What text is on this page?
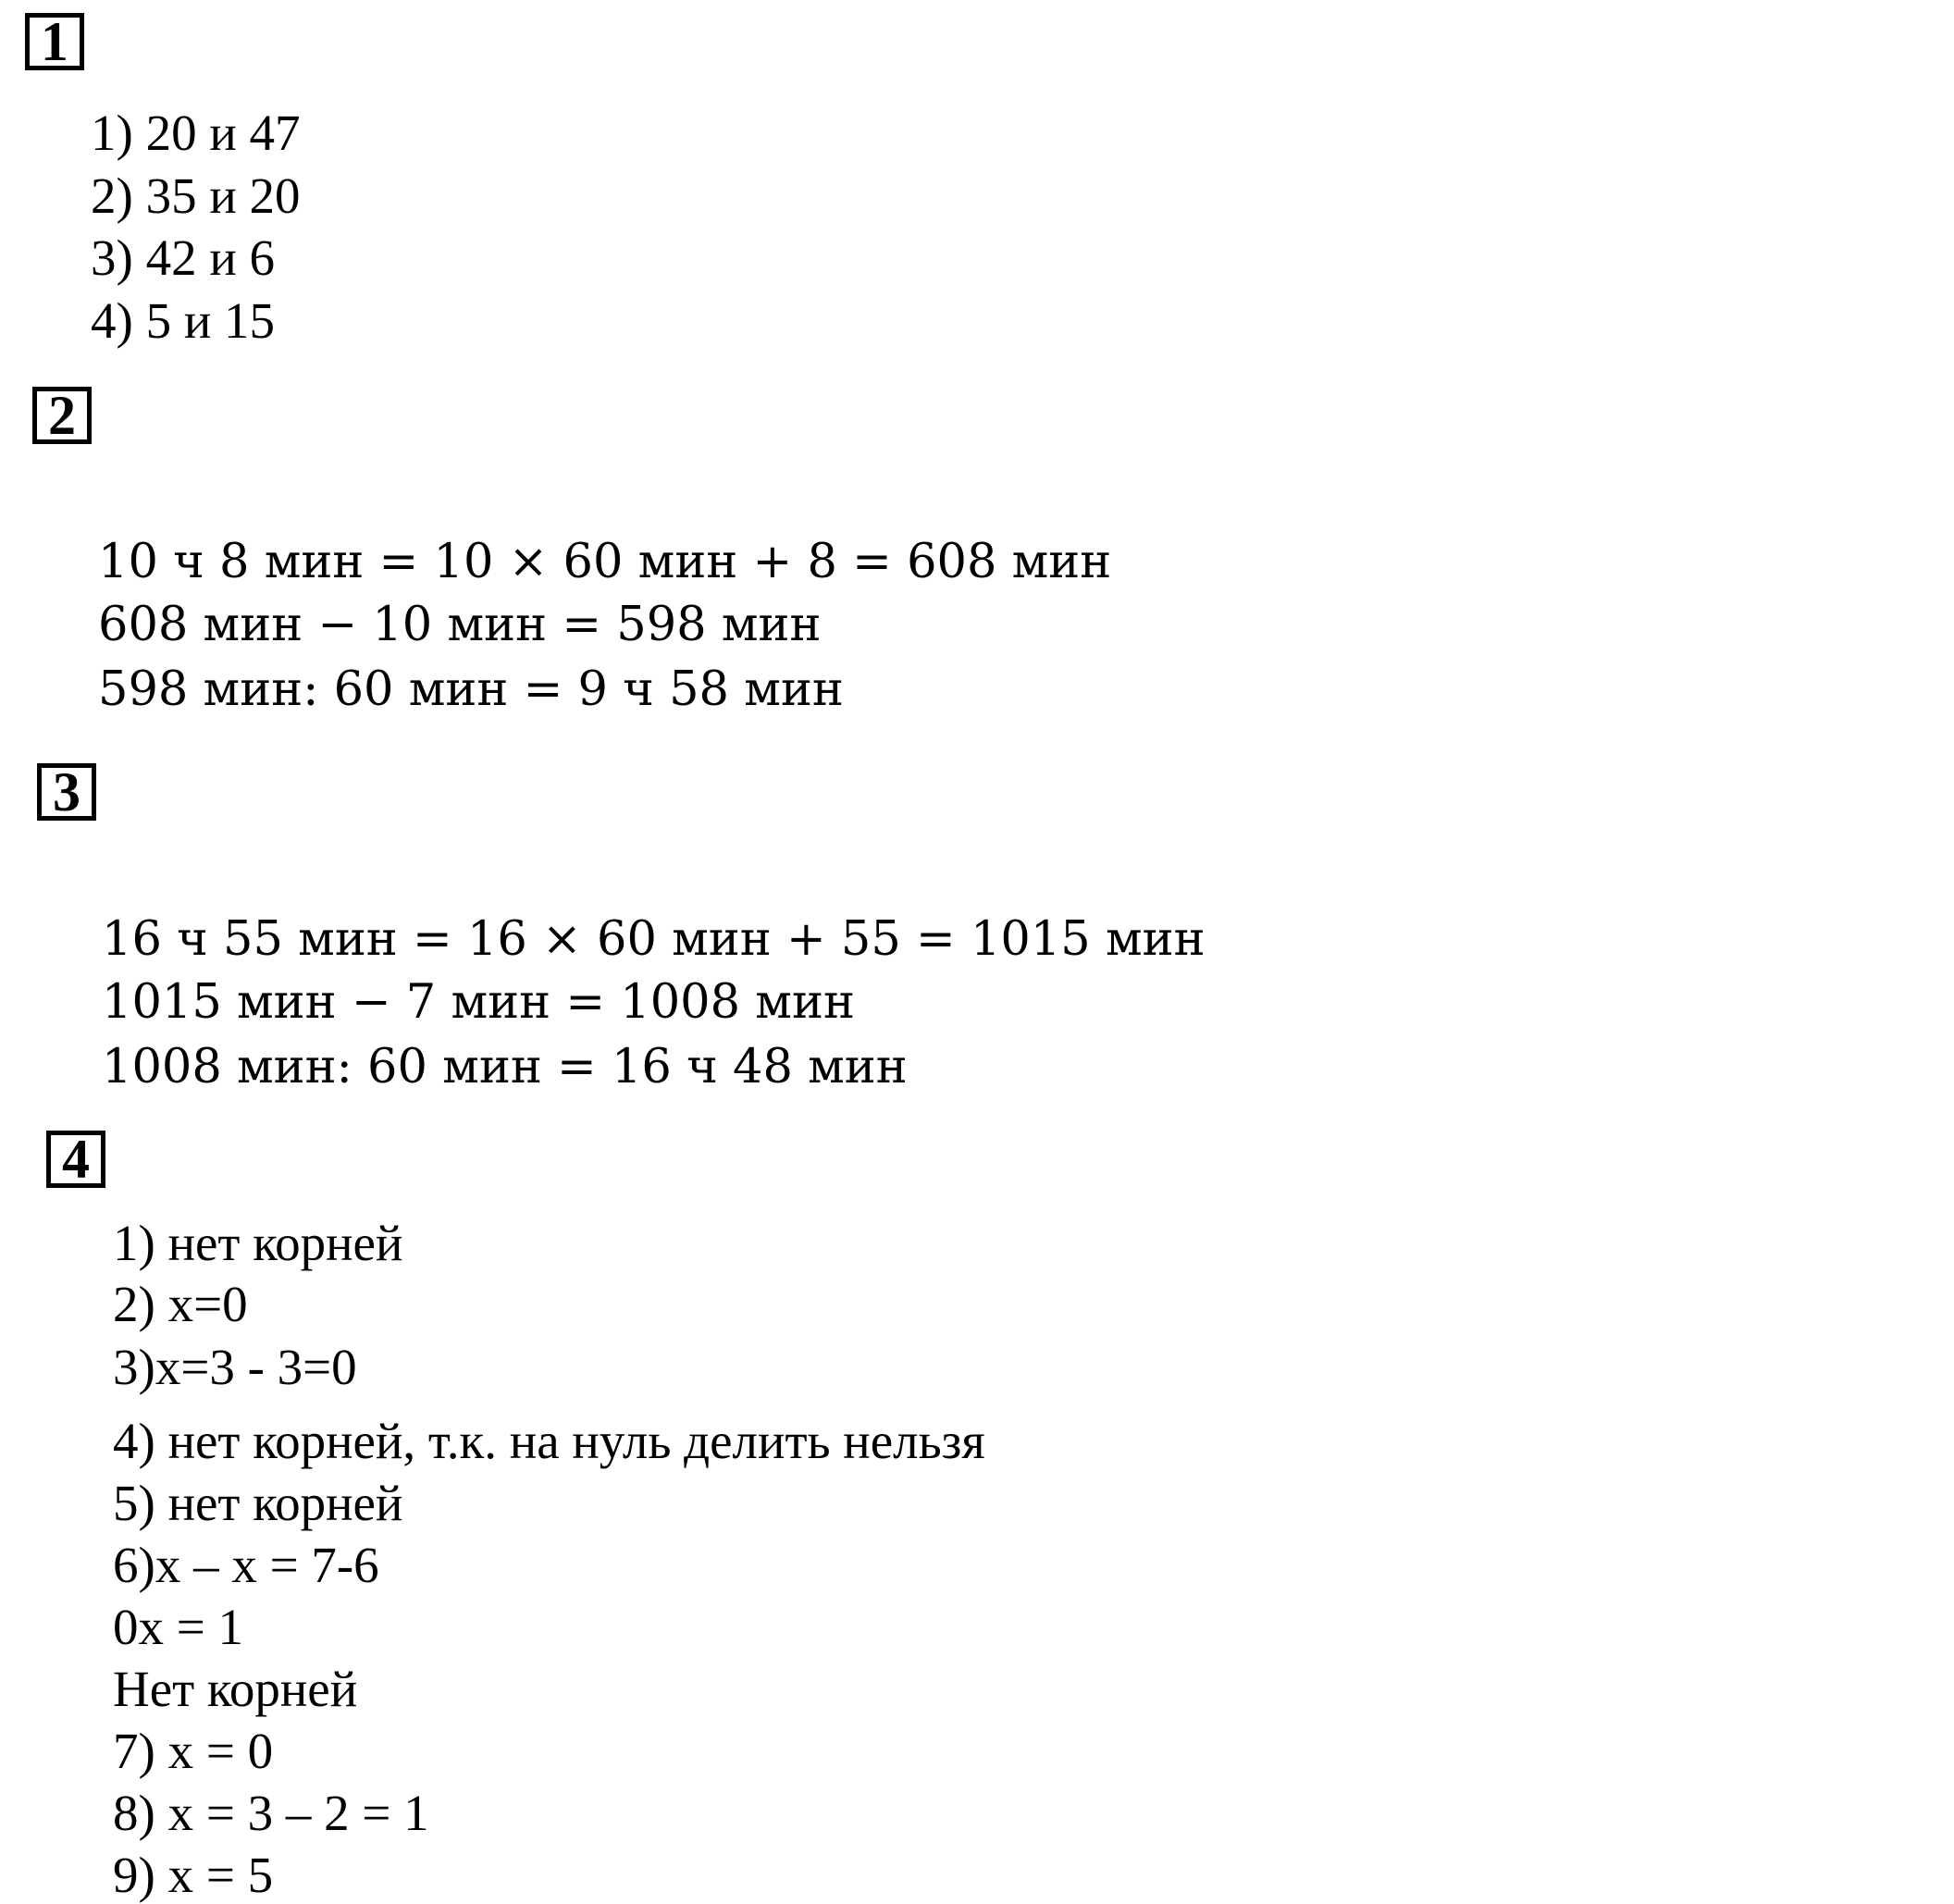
1
1) 20 и 47
2) 35 и 20
3) 42 и 6
4) 5 и 15
2
10 ч 8 мин = 10 × 60 мин + 8 = 608 мин
608 мин − 10 мин = 598 мин
598 мин: 60 мин = 9 ч 58 мин
3
16 ч 55 мин = 16 × 60 мин + 55 = 1015 мин
1015 мин − 7 мин = 1008 мин
1008 мин: 60 мин = 16 ч 48 мин
4
1) нет корней
2) x=0
3)x=3 - 3=0
4) нет корней, т.к. на нуль делить нельзя
5) нет корней
6)x – x = 7-6
0x = 1
Нет корней
7) x = 0
8) x = 3 – 2 = 1
9) x = 5
